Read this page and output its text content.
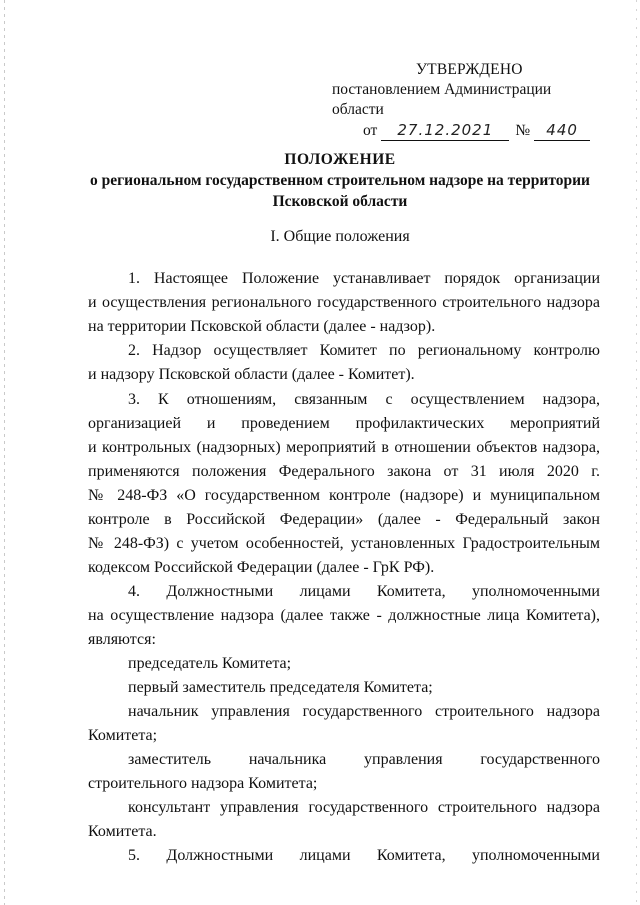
УТВЕРЖДЕНО
постановлением Администрации области
от 27.12.2021 № 440
ПОЛОЖЕНИЕ
о региональном государственном строительном надзоре на территории
Псковской области
I. Общие положения
1. Настоящее Положение устанавливает порядок организации
и осуществления регионального государственного строительного надзора
на территории Псковской области (далее - надзор).
2. Надзор осуществляет Комитет по региональному контролю
и надзору Псковской области (далее - Комитет).
3. К отношениям, связанным с осуществлением надзора,
организацией и проведением профилактических мероприятий
и контрольных (надзорных) мероприятий в отношении объектов надзора,
применяются положения Федерального закона от 31 июля 2020 г.
№ 248-ФЗ «О государственном контроле (надзоре) и муниципальном
контроле в Российской Федерации» (далее - Федеральный закон
№ 248-ФЗ) с учетом особенностей, установленных Градостроительным
кодексом Российской Федерации (далее - ГрК РФ).
4. Должностными лицами Комитета, уполномоченными
на осуществление надзора (далее также - должностные лица Комитета),
являются:
председатель Комитета;
первый заместитель председателя Комитета;
начальник управления государственного строительного надзора
Комитета;
заместитель начальника управления государственного
строительного надзора Комитета;
консультант управления государственного строительного надзора
Комитета.
5. Должностными лицами Комитета, уполномоченными
